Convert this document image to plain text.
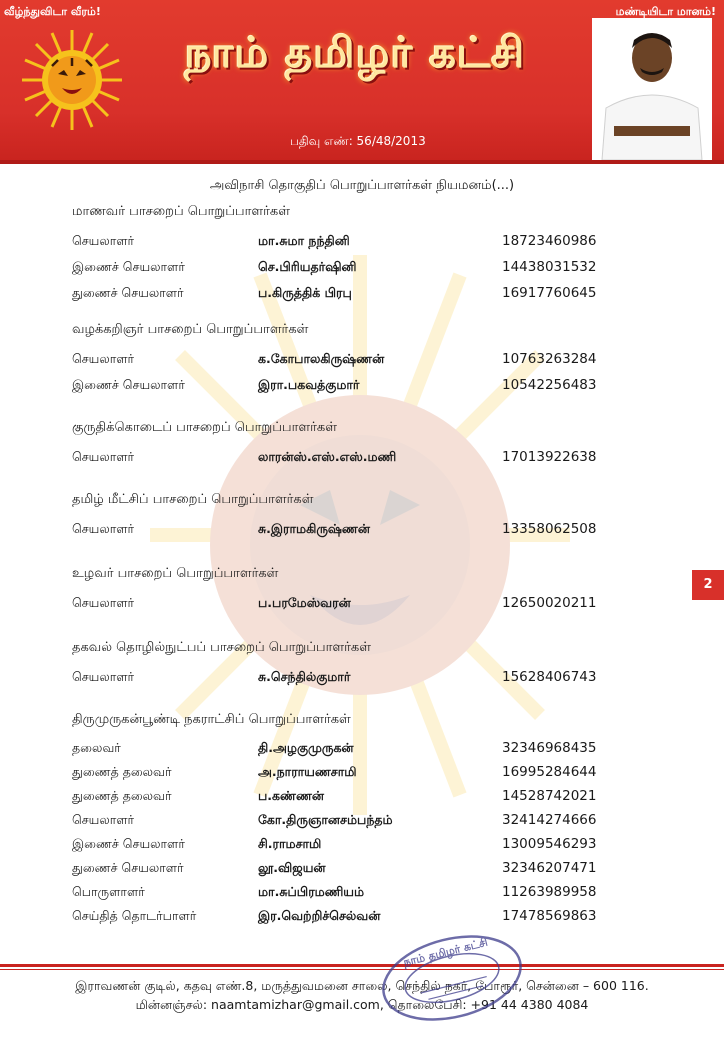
வீழ்ந்துவிடா வீரம்!	மண்டியிடா மானம்!
நாம் தமிழர் கட்சி
பதிவு எண்: 56/48/2013
அவிநாசி தொகுதிப் பொறுப்பாளர்கள் நியமனம்(...)
மாணவர் பாசறைப் பொறுப்பாளர்கள்
செயலாளர்	மா.சுமா நந்தினி	18723460986
இணைச் செயலாளர்	செ.பிரியதர்ஷினி	14438031532
துணைச் செயலாளர்	ப.கிருத்திக் பிரபு	16917760645
வழக்கறிஞர் பாசறைப் பொறுப்பாளர்கள்
செயலாளர்	க.கோபாலகிருஷ்ணன்	10763263284
இணைச் செயலாளர்	இரா.பகவத்குமார்	10542256483
குருதிக்கொடைப் பாசறைப் பொறுப்பாளர்கள்
செயலாளர்	லாரன்ஸ்.எஸ்.எஸ்.மணி	17013922638
தமிழ் மீட்சிப் பாசறைப் பொறுப்பாளர்கள்
செயலாளர்	சு.இராமகிருஷ்ணன்	13358062508
உழவர் பாசறைப் பொறுப்பாளர்கள்
செயலாளர்	ப.பரமேஸ்வரன்	12650020211
தகவல் தொழில்நுட்பப் பாசறைப் பொறுப்பாளர்கள்
செயலாளர்	சு.செந்தில்குமார்	15628406743
திருமுருகன்பூண்டி நகராட்சிப் பொறுப்பாளர்கள்
தலைவர்	தி.அழகுமுருகன்	32346968435
துணைத் தலைவர்	அ.நாராயணசாமி	16995284644
துணைத் தலைவர்	ப.கண்ணன்	14528742021
செயலாளர்	கோ.திருஞானசம்பந்தம்	32414274666
இணைச் செயலாளர்	சி.ராமசாமி	13009546293
துணைச் செயலாளர்	லூ.விஜயன்	32346207471
பொருளாளர்	மா.சுப்பிரமணியம்	11263989958
செய்தித் தொடர்பாளர்	இர.வெற்றிச்செல்வன்	17478569863
2
இராவணன் குடில், கதவு எண்.8, மருத்துவமனை சாலை, செந்தில் நகர், போரூர், சென்னை – 600 116.
மின்னஞ்சல்: naamtamizhar@gmail.com, தொலைபேசி: +91 44 4380 4084
நாம் தமிழர் கட்சி
